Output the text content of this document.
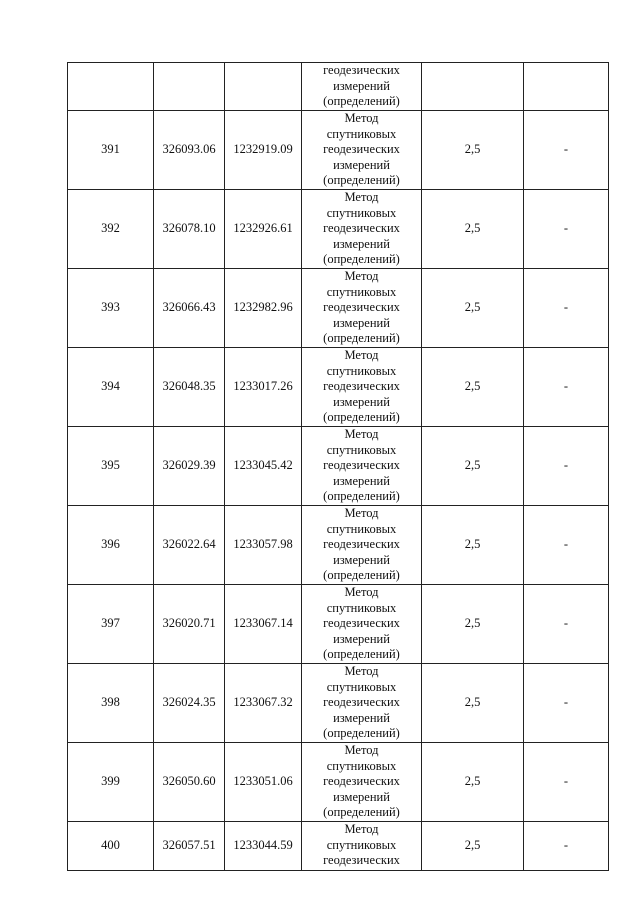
			геодезических
измерений
(определений)		

391	326093.06	1232919.09	Метод
спутниковых
геодезических
измерений
(определений)	2,5	-
392	326078.10	1232926.61	Метод
спутниковых
геодезических
измерений
(определений)	2,5	-
393	326066.43	1232982.96	Метод
спутниковых
геодезических
измерений
(определений)	2,5	-
394	326048.35	1233017.26	Метод
спутниковых
геодезических
измерений
(определений)	2,5	-
395	326029.39	1233045.42	Метод
спутниковых
геодезических
измерений
(определений)	2,5	-
396	326022.64	1233057.98	Метод
спутниковых
геодезических
измерений
(определений)	2,5	-
397	326020.71	1233067.14	Метод
спутниковых
геодезических
измерений
(определений)	2,5	-
398	326024.35	1233067.32	Метод
спутниковых
геодезических
измерений
(определений)	2,5	-
399	326050.60	1233051.06	Метод
спутниковых
геодезических
измерений
(определений)	2,5	-
400	326057.51	1233044.59	Метод
спутниковых
геодезических	2,5	-
